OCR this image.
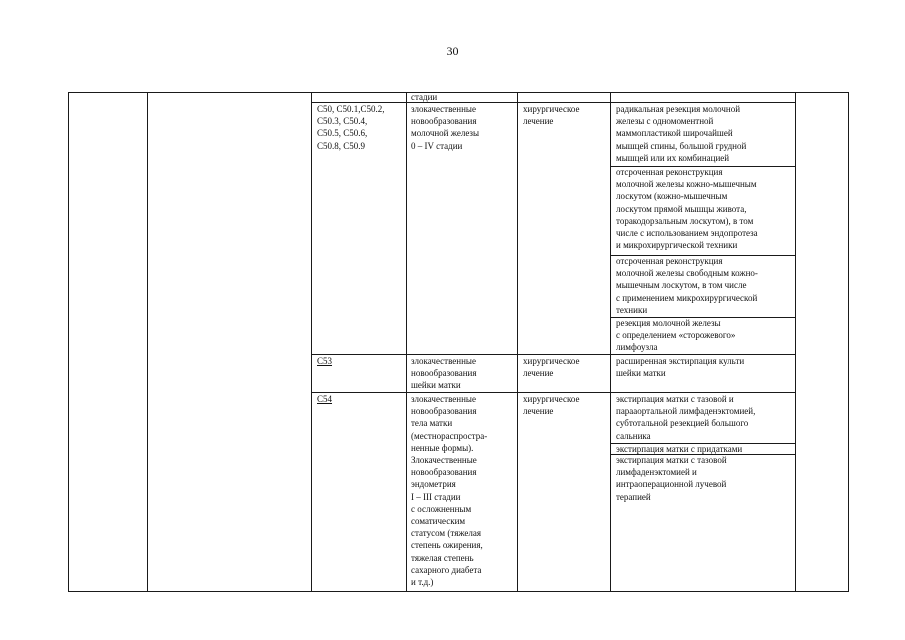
30
стадии
C50, C50.1,C50.2,
C50.3, C50.4,
C50.5, C50.6,
C50.8, C50.9
злокачественные
новообразования
молочной железы
0 – IV стадии
хирургическое
лечение
радикальная резекция молочной
железы с одномоментной
маммопластикой широчайшей
мышцей спины, большой грудной
мышцей или их комбинацией
отсроченная реконструкция
молочной железы кожно-мышечным
лоскутом (кожно-мышечным
лоскутом прямой мышцы живота,
торакодорзальным лоскутом), в том
числе с использованием эндопротеза
и микрохирургической техники
отсроченная реконструкция
молочной железы свободным кожно-
мышечным лоскутом, в том числе
с применением микрохирургической
техники
резекция молочной железы
с определением «сторожевого»
лимфоузла
C53	злокачественные
новообразования
шейки матки
хирургическое
лечение
расширенная экстирпация культи
шейки матки
C54	злокачественные
новообразования
тела матки
(местнораспростра-
ненные формы).
Злокачественные
новообразования
эндометрия
I – III стадии
с осложненным
соматическим
статусом (тяжелая
степень ожирения,
тяжелая степень
сахарного диабета
и т.д.)
хирургическое
лечение
экстирпация матки с тазовой и
парааортальной лимфаденэктомией,
субтотальной резекцией большого
сальника
экстирпация матки с придатками
экстирпация матки с тазовой
лимфаденэктомией и
интраоперационной лучевой
терапией
